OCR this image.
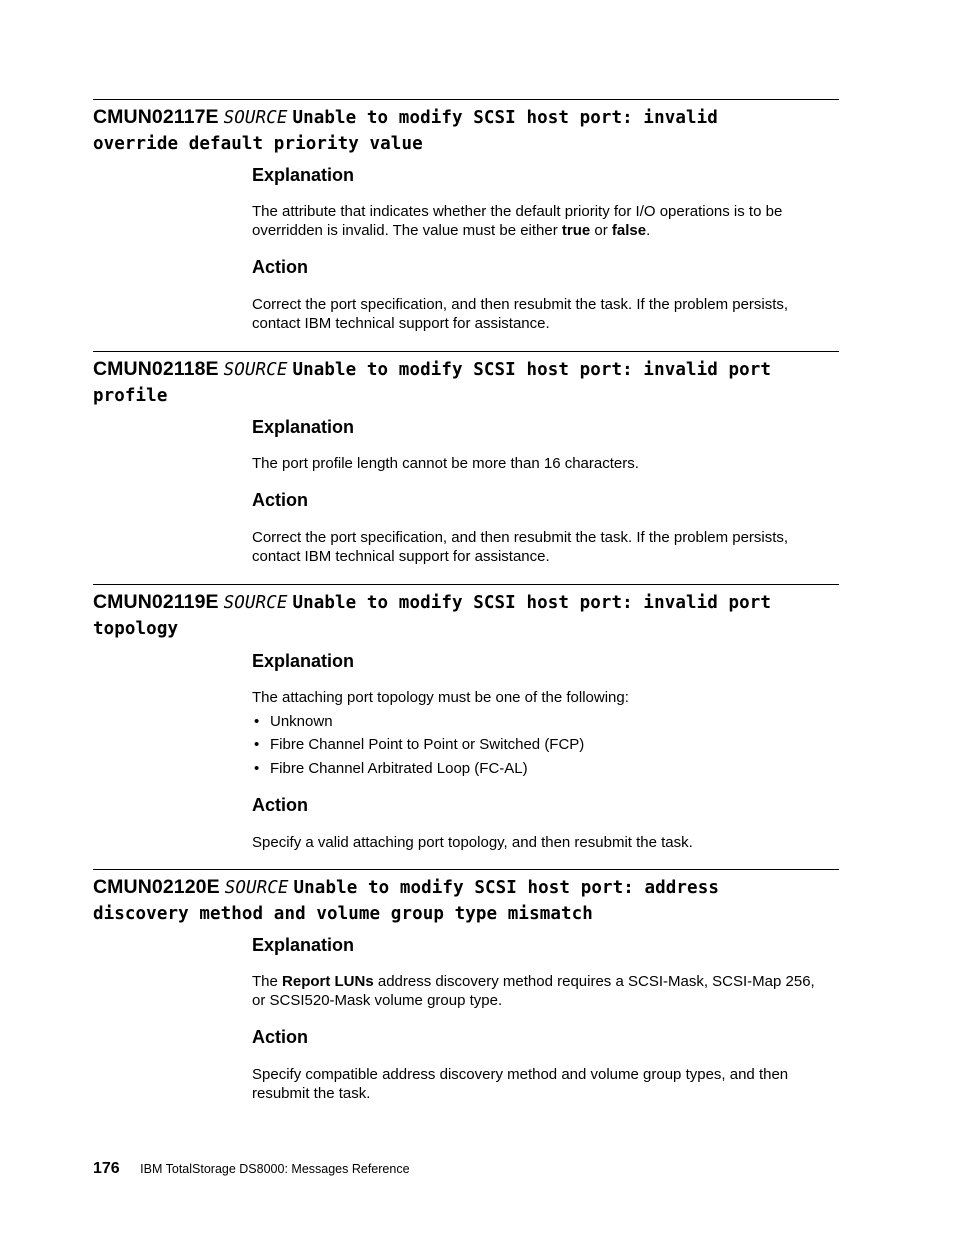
CMUN02117E SOURCE Unable to modify SCSI host port: invalid
override default priority value
Explanation

The attribute that indicates whether the default priority for I/O operations is to be overridden is invalid. The value must be either true or false.

Action

Correct the port specification, and then resubmit the task. If the problem persists, contact IBM technical support for assistance.

CMUN02118E SOURCE Unable to modify SCSI host port: invalid port
profile
Explanation

The port profile length cannot be more than 16 characters.

Action

Correct the port specification, and then resubmit the task. If the problem persists, contact IBM technical support for assistance.

CMUN02119E SOURCE Unable to modify SCSI host port: invalid port
topology
Explanation

The attaching port topology must be one of the following:

• Unknown
• Fibre Channel Point to Point or Switched (FCP)
• Fibre Channel Arbitrated Loop (FC-AL)
Action

Specify a valid attaching port topology, and then resubmit the task.

CMUN02120E SOURCE Unable to modify SCSI host port: address
discovery method and volume group type mismatch
Explanation

The Report LUNs address discovery method requires a SCSI-Mask, SCSI-Map 256, or SCSI520-Mask volume group type.

Action

Specify compatible address discovery method and volume group types, and then resubmit the task.

176 IBM TotalStorage DS8000: Messages Reference
